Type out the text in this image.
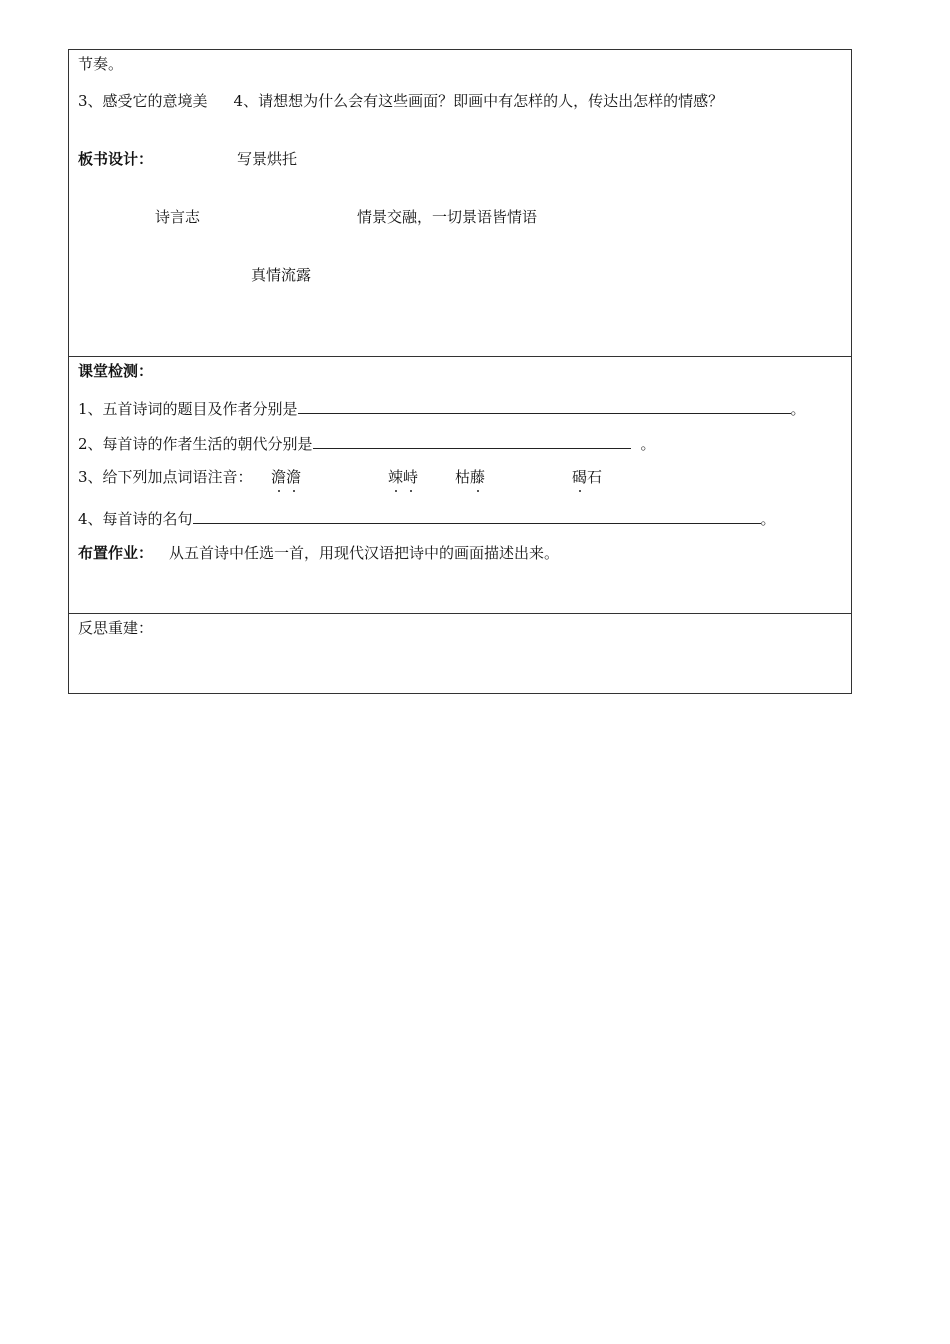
节奏。
3、感受它的意境美 4、请想想为什么会有这些画面？即画中有怎样的人，传达出怎样的情感？
板书设计：	写景烘托
诗言志	情景交融，一切景语皆情语
真情流露
课堂检测：
1、五首诗词的题目及作者分别是	。
2、每首诗的作者生活的朝代分别是	。
3、给下列加点词语注音： 澹澹	竦峙 枯藤	碣石
4、每首诗的名句	。
布置作业： 从五首诗中任选一首，用现代汉语把诗中的画面描述出来。
反思重建：
